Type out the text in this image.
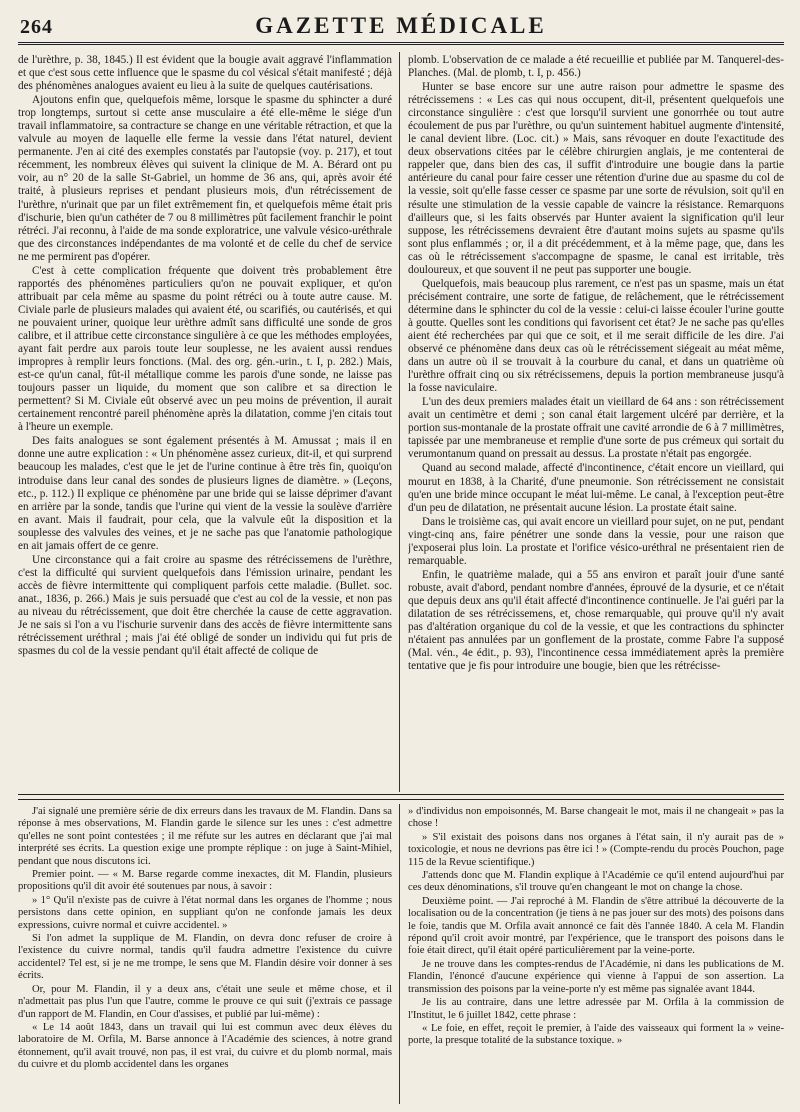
264	GAZETTE MÉDICALE

de l'urèthre, p. 38, 1845.) Il est évident que la bougie avait aggravé l'inflammation et que c'est sous cette influence que le spasme du col vésical s'était manifesté ; déjà des phénomènes analogues avaient eu lieu à la suite de quelques cautérisations.

Ajoutons enfin que, quelquefois même, lorsque le spasme du sphincter a duré trop longtemps, surtout si cette anse musculaire a été elle-même le siége d'un travail inflammatoire, sa contracture se change en une véritable rétraction, et que la valvule au moyen de laquelle elle ferme la vessie dans l'état naturel, devient permanente. J'en ai cité des exemples constatés par l'autopsie (voy. p. 217), et tout récemment, les nombreux élèves qui suivent la clinique de M. A. Bérard ont pu voir, au n° 20 de la salle St-Gabriel, un homme de 36 ans, qui, après avoir été traité, à plusieurs reprises et pendant plusieurs mois, d'un rétrécissement de l'urèthre, n'urinait que par un filet extrêmement fin, et quelquefois même était pris d'ischurie, bien qu'un cathéter de 7 ou 8 millimètres pût facilement franchir le point rétréci. J'ai reconnu, à l'aide de ma sonde exploratrice, une valvule vésico-uréthrale que des circonstances indépendantes de ma volonté et de celle du chef de service ne me permirent pas d'opérer.

C'est à cette complication fréquente que doivent très probablement être rapportés des phénomènes particuliers qu'on ne pouvait expliquer, et qu'on attribuait par cela même au spasme du point rétréci ou à toute autre cause. M. Civiale parle de plusieurs malades qui avaient été, ou scarifiés, ou cautérisés, et qui ne pouvaient uriner, quoique leur urèthre admît sans difficulté une sonde de gros calibre, et il attribue cette circonstance singulière à ce que les méthodes employées, ayant fait perdre aux parois toute leur souplesse, ne les avaient aussi rendues impropres à remplir leurs fonctions. (Mal. des org. gén.-urin., t. I, p. 282.) Mais, est-ce qu'un canal, fût-il métallique comme les parois d'une sonde, ne laisse pas toujours passer un liquide, du moment que son calibre et sa direction le permettent? Si M. Civiale eût observé avec un peu moins de prévention, il aurait certainement rencontré pareil phénomène après la dilatation, comme j'en citais tout à l'heure un exemple.

Des faits analogues se sont également présentés à M. Amussat ; mais il en donne une autre explication : « Un phénomène assez curieux, dit-il, et qui surprend beaucoup les malades, c'est que le jet de l'urine continue à être très fin, quoiqu'on introduise dans leur canal des sondes de plusieurs lignes de diamètre. » (Leçons, etc., p. 112.) Il explique ce phénomène par une bride qui se laisse déprimer d'avant en arrière par la sonde, tandis que l'urine qui vient de la vessie la soulève d'arrière en avant. Mais il faudrait, pour cela, que la valvule eût la disposition et la souplesse des valvules des veines, et je ne sache pas que l'anatomie pathologique en ait jamais offert de ce genre.

Une circonstance qui a fait croire au spasme des rétrécissemens de l'urèthre, c'est la difficulté qui survient quelquefois dans l'émission urinaire, pendant les accès de fièvre intermittente qui compliquent parfois cette maladie. (Bullet. soc. anat., 1836, p. 266.) Mais je suis persuadé que c'est au col de la vessie, et non pas au niveau du rétrécissement, que doit être cherchée la cause de cette aggravation. Je ne sais si l'on a vu l'ischurie survenir dans des accès de fièvre intermittente sans rétrécissement uréthral ; mais j'ai été obligé de sonder un individu qui fut pris de spasmes du col de la vessie pendant qu'il était affecté de colique de

plomb. L'observation de ce malade a été recueillie et publiée par M. Tanquerel-des-Planches. (Mal. de plomb, t. I, p. 456.)

Hunter se base encore sur une autre raison pour admettre le spasme des rétrécissemens : « Les cas qui nous occupent, dit-il, présentent quelquefois une circonstance singulière : c'est que lorsqu'il survient une gonorrhée ou tout autre écoulement de pus par l'urèthre, ou qu'un suintement habituel augmente d'intensité, le canal devient libre. (Loc. cit.) » Mais, sans révoquer en doute l'exactitude des deux observations citées par le célèbre chirurgien anglais, je me contenterai de rappeler que, dans bien des cas, il suffit d'introduire une bougie dans la partie antérieure du canal pour faire cesser une rétention d'urine due au spasme du col de la vessie, soit qu'elle fasse cesser ce spasme par une sorte de révulsion, soit qu'il en résulte une stimulation de la vessie capable de vaincre la résistance. Remarquons d'ailleurs que, si les faits observés par Hunter avaient la signification qu'il leur suppose, les rétrécissemens devraient être d'autant moins sujets au spasme qu'ils sont plus enflammés ; or, il a dit précédemment, et à la même page, que, dans les cas où le rétrécissement s'accompagne de spasme, le canal est irritable, très douloureux, et que souvent il ne peut pas supporter une bougie.

Quelquefois, mais beaucoup plus rarement, ce n'est pas un spasme, mais un état précisément contraire, une sorte de fatigue, de relâchement, que le rétrécissement détermine dans le sphincter du col de la vessie : celui-ci laisse écouler l'urine goutte à goutte. Quelles sont les conditions qui favorisent cet état? Je ne sache pas qu'elles aient été recherchées par qui que ce soit, et il me serait difficile de les dire. J'ai observé ce phénomène dans deux cas où le rétrécissement siégeait au méat même, dans un autre où il se trouvait à la courbure du canal, et dans un quatrième où l'urèthre offrait cinq ou six rétrécissemens, depuis la portion membraneuse jusqu'à la fosse naviculaire.

L'un des deux premiers malades était un vieillard de 64 ans : son rétrécissement avait un centimètre et demi ; son canal était largement ulcéré par derrière, et la portion sus-montanale de la prostate offrait une cavité arrondie de 6 à 7 millimètres, tapissée par une membraneuse et remplie d'une sorte de pus crémeux qui sortait du verumontanum quand on pressait au dessus. La prostate n'était pas engorgée.

Quand au second malade, affecté d'incontinence, c'était encore un vieillard, qui mourut en 1838, à la Charité, d'une pneumonie. Son rétrécissement ne consistait qu'en une bride mince occupant le méat lui-même. Le canal, à l'exception peut-être d'un peu de dilatation, ne présentait aucune lésion. La prostate était saine.

Dans le troisième cas, qui avait encore un vieillard pour sujet, on ne put, pendant vingt-cinq ans, faire pénétrer une sonde dans la vessie, pour une raison que j'exposerai plus loin. La prostate et l'orifice vésico-uréthral ne présentaient rien de remarquable.

Enfin, le quatrième malade, qui a 55 ans environ et paraît jouir d'une santé robuste, avait d'abord, pendant nombre d'années, éprouvé de la dysurie, et ce n'était que depuis deux ans qu'il était affecté d'incontinence continuelle. Je l'ai guéri par la dilatation de ses rétrécissemens, et, chose remarquable, qui prouve qu'il n'y avait pas d'altération organique du col de la vessie, et que les contractions du sphincter n'étaient pas annulées par un gonflement de la prostate, comme Fabre l'a supposé (Mal. vén., 4e édit., p. 93), l'incontinence cessa immédiatement après la première tentative que je fis pour introduire une bougie, bien que les rétrécisse-

J'ai signalé une première série de dix erreurs dans les travaux de M. Flandin. Dans sa réponse à mes observations, M. Flandin garde le silence sur les unes : c'est admettre qu'elles ne sont point contestées ; il me réfute sur les autres en déclarant que j'ai mal interprété ses écrits. La question exige une prompte réplique : on juge à Saint-Mihiel, pendant que nous discutons ici.

Premier point. — « M. Barse regarde comme inexactes, dit M. Flandin, plusieurs propositions qu'il dit avoir été soutenues par nous, à savoir :

» 1° Qu'il n'existe pas de cuivre à l'état normal dans les organes de l'homme ; nous persistons dans cette opinion, en suppliant qu'on ne confonde jamais les deux expressions, cuivre normal et cuivre accidentel. »

Si l'on admet la supplique de M. Flandin, on devra donc refuser de croire à l'existence du cuivre normal, tandis qu'il faudra admettre l'existence du cuivre accidentel? Tel est, si je ne me trompe, le sens que M. Flandin désire voir donner à ses écrits.

Or, pour M. Flandin, il y a deux ans, c'était une seule et même chose, et il n'admettait pas plus l'un que l'autre, comme le prouve ce qui suit (j'extrais ce passage d'un rapport de M. Flandin, en Cour d'assises, et publié par lui-même) :

« Le 14 août 1843, dans un travail qui lui est commun avec deux élèves du laboratoire de M. Orfila, M. Barse annonce à l'Académie des sciences, à notre grand étonnement, qu'il avait trouvé, non pas, il est vrai, du cuivre et du plomb normal, mais du cuivre et du plomb accidentel dans les organes

» d'individus non empoisonnés, M. Barse changeait le mot, mais il ne changeait » pas la chose !

» S'il existait des poisons dans nos organes à l'état sain, il n'y aurait pas de » toxicologie, et nous ne devrions pas être ici ! » (Compte-rendu du procès Pouchon, page 115 de la Revue scientifique.)

J'attends donc que M. Flandin explique à l'Académie ce qu'il entend aujourd'hui par ces deux dénominations, s'il trouve qu'en changeant le mot on change la chose.

Deuxième point. — J'ai reproché à M. Flandin de s'être attribué la découverte de la localisation ou de la concentration (je tiens à ne pas jouer sur des mots) des poisons dans le foie, tandis que M. Orfila avait annoncé ce fait dès l'année 1840. A cela M. Flandin répond qu'il croit avoir montré, par l'expérience, que le transport des poisons dans le foie était direct, qu'il était opéré particulièrement par la veine-porte.

Je ne trouve dans les comptes-rendus de l'Académie, ni dans les publications de M. Flandin, l'énoncé d'aucune expérience qui vienne à l'appui de son assertion. La transmission des poisons par la veine-porte n'y est même pas signalée avant 1844.

Je lis au contraire, dans une lettre adressée par M. Orfila à la commission de l'Institut, le 6 juillet 1842, cette phrase :

« Le foie, en effet, reçoit le premier, à l'aide des vaisseaux qui forment la » veine-porte, la presque totalité de la substance toxique. »
